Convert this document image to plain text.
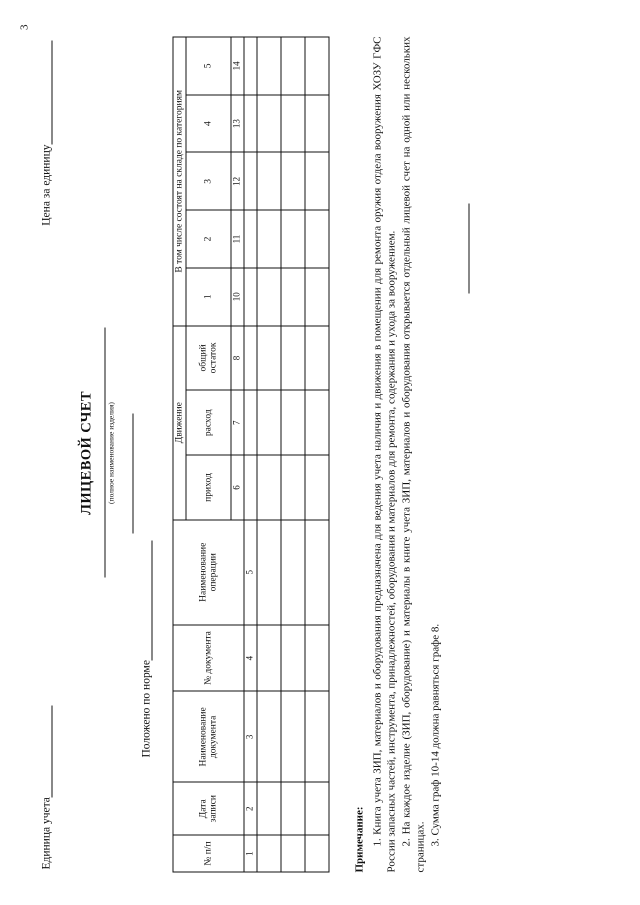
3
Единица учета
Цена за единицу
ЛИЦЕВОЙ СЧЕТ (полное наименование изделия)
Положено по норме
№ п/п	Дата записи	Наименование документа	№ документа	Наименование операции	Движение			В том числе состоят на складе по категориям				
					приход	расход	общий остаток	1	2	3	4	5
					6	7	8	10	11	12	13	14
1	2	3	4	5								

Примечание: 1. Книга учета ЗИП, материалов и оборудования предназначена для ведения учета наличия и движения в помещении для ремонта оружия отдела вооружения ХОЗУ ГФС России запасных частей, инструмента, принадлежностей, оборудования и материалов для ремонта, содержания и ухода за вооружением. 2. На каждое изделие (ЗИП, оборудование) и материалы в книге учета ЗИП, материалов и оборудования открывается отдельный лицевой счет на одной или нескольких страницах.

3. Сумма граф 10-14 должна равняться графе 8.
